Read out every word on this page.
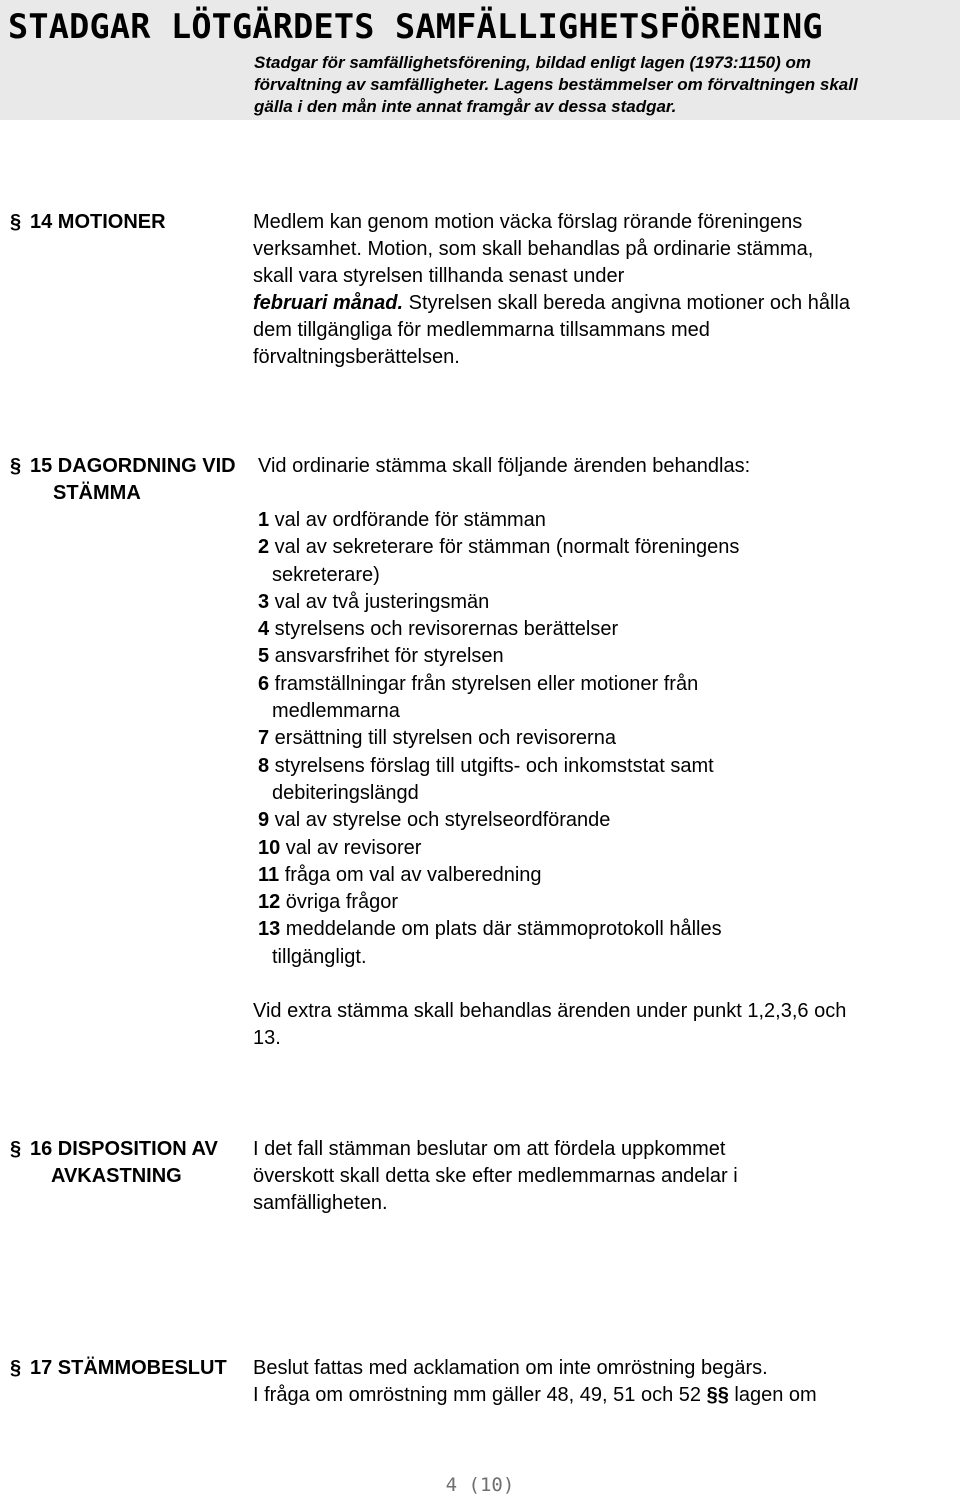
STADGAR LÖTGÄRDETS SAMFÄLLIGHETSFÖRENING
Stadgar för samfällighetsförening, bildad enligt lagen (1973:1150) om
förvaltning av samfälligheter. Lagens bestämmelser om förvaltningen skall
gälla i den mån inte annat framgår av dessa stadgar.
§ 14 MOTIONER	Medlem kan genom motion väcka förslag rörande föreningens
verksamhet. Motion, som skall behandlas på ordinarie stämma,
skall vara styrelsen tillhanda senast under
februari månad. Styrelsen skall bereda angivna motioner och hålla
dem tillgängliga för medlemmarna tillsammans med
förvaltningsberättelsen.
§ 15 DAGORDNING VID
STÄMMA
Vid ordinarie stämma skall följande ärenden behandlas:
1 val av ordförande för stämman
2 val av sekreterare för stämman (normalt föreningens
sekreterare)
3 val av två justeringsmän
4 styrelsens och revisorernas berättelser
5 ansvarsfrihet för styrelsen
6 framställningar från styrelsen eller motioner från
medlemmarna
7 ersättning till styrelsen och revisorerna
8 styrelsens förslag till utgifts- och inkomststat samt
debiteringslängd
9 val av styrelse och styrelseordförande
10 val av revisorer
11 fråga om val av valberedning
12 övriga frågor
13 meddelande om plats där stämmoprotokoll hålles
tillgängligt.
Vid extra stämma skall behandlas ärenden under punkt 1,2,3,6 och
13.
§ 16 DISPOSITION AV
AVKASTNING
I det fall stämman beslutar om att fördela uppkommet
överskott skall detta ske efter medlemmarnas andelar i
samfälligheten.
§ 17 STÄMMOBESLUT Beslut fattas med acklamation om inte omröstning begärs.
I fråga om omröstning mm gäller 48, 49, 51 och 52 §§ lagen om
4 (10)
